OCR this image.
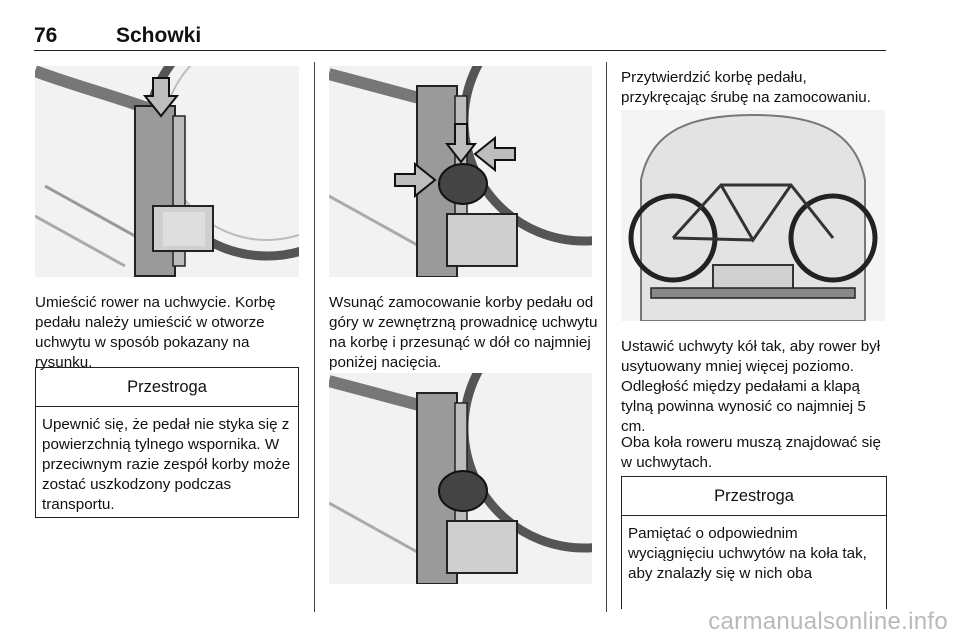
76	Schowki

Umieścić rower na uchwycie. Korbę pedału należy umieścić w otworze uchwytu w sposób pokazany na rysunku.

Przestroga
Upewnić się, że pedał nie styka się z powierzchnią tylnego wspornika. W przeciwnym razie zespół korby może zostać uszkodzony podczas transportu.

Wsunąć zamocowanie korby pedału od góry w zewnętrzną prowadnicę uchwytu na korbę i przesunąć w dół co najmniej poniżej nacięcia.

Przytwierdzić korbę pedału, przykręcając śrubę na zamocowaniu.

Ustawić uchwyty kół tak, aby rower był usytuowany mniej więcej poziomo. Odległość między pedałami a klapą tylną powinna wynosić co najmniej 5 cm.

Oba koła roweru muszą znajdować się w uchwytach.

Przestroga
Pamiętać o odpowiednim wyciągnięciu uchwytów na koła tak, aby znalazły się w nich oba
carmanualsonline.info
